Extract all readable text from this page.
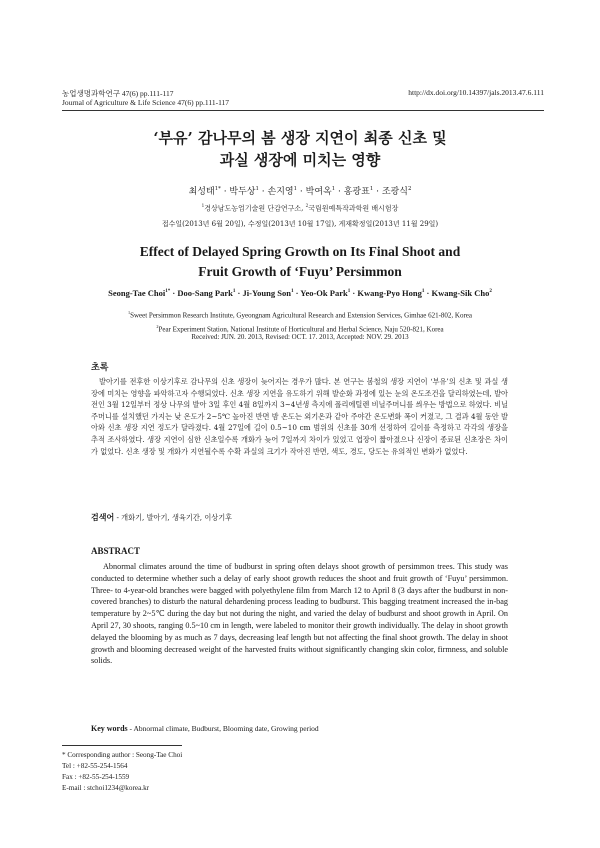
농업생명과학연구 47(6) pp.111-117	http://dx.doi.org/10.14397/jals.2013.47.6.111
Journal of Agriculture & Life Science 47(6) pp.111-117
‘부유’ 감나무의 봄 생장 지연이 최종 신초 및
과실 생장에 미치는 영향
최성태$^{1*}$ · 박두상$^1$ · 손지영$^1$ · 박여옥$^1$ · 홍광표$^1$ · 조광식$^2$
$^1$경상남도농업기술원 단감연구소, $^2$국립원예특작과학원 배시험장
접수일(2013년 6월 20일), 수정일(2013년 10월 17일), 게재확정일(2013년 11월 29일)
Effect of Delayed Spring Growth on Its Final Shoot and
Fruit Growth of ‘Fuyu’ Persimmon
Seong-Tae Choi$^{1*}$ · Doo-Sang Park$^1$ · Ji-Young Son$^1$ · Yeo-Ok Park$^1$ · Kwang-Pyo Hong$^1$ · Kwang-Sik Cho$^2$
$^1$Sweet Persimmon Research Institute, Gyeongnam Agricultural Research and Extension Services, Gimhae 621-802, Korea
$^2$Pear Experiment Station, National Institute of Horticultural and Herbal Science, Naju 520-821, Korea
Received: JUN. 20. 2013, Revised: OCT. 17. 2013, Accepted: NOV. 29. 2013
초록
발아기를 전후한 이상기후로 감나무의 신초 생장이 늦어지는 경우가 많다. 본 연구는 봄철의 생장 지연이 ‘부유’의 신초 및 과실 생장에 미치는 영향을 파악하고자 수행되었다. 신초 생장 지연을 유도하기 위해 발순화 과정에 있는 눈의 온도조건을 달리하였는데, 발아 전인 3월 12일부터 정상 나무의 발아 3일 후인 4월 8일까지 3~4년생 측지에 폴리에틸렌 비닐주머니를 씌우는 방법으로 하였다. 비닐주머니를 설치했던 가지는 낮 온도가 2~5℃ 높아진 반면 밤 온도는 외기온과 같아 주야간 온도변화 폭이 커졌고, 그 결과 4월 동안 발아와 신초 생장 지연 정도가 달라졌다. 4월 27일에 길이 0.5~10 cm 범위의 신초를 30개 선정하여 길이를 측정하고 각각의 생장을 추적 조사하였다. 생장 지연이 심한 신초일수록 개화가 늦어 7일까지 차이가 있었고 엽장이 짧아졌으나 신장이 종료된 신초장은 차이가 없었다. 신초 생장 및 개화가 지연될수록 수확 과실의 크기가 작아진 반면, 색도, 경도, 당도는 유의적인 변화가 없었다.
검색어 - 개화기, 발아기, 생육기간, 이상기후
ABSTRACT
Abnormal climates around the time of budburst in spring often delays shoot growth of persimmon trees. This study was conducted to determine whether such a delay of early shoot growth reduces the shoot and fruit growth of ‘Fuyu’ persimmon. Three- to 4-year-old branches were bagged with polyethylene film from March 12 to April 8 (3 days after the budburst in non-covered branches) to disturb the natural dehardening process leading to budburst. This bagging treatment increased the in-bag temperature by 2~5℃ during the day but not during the night, and varied the delay of budburst and shoot growth in April. On April 27, 30 shoots, ranging 0.5~10 cm in length, were labeled to monitor their growth individually. The delay in shoot growth delayed the blooming by as much as 7 days, decreasing leaf length but not affecting the final shoot growth. The delay in shoot growth and blooming decreased weight of the harvested fruits without significantly changing skin color, firmness, and soluble solids.
Key words - Abnormal climate, Budburst, Blooming date, Growing period
* Corresponding author : Seong-Tae Choi
Tel : +82-55-254-1564
Fax : +82-55-254-1559
E-mail : stchoi1234@korea.kr
